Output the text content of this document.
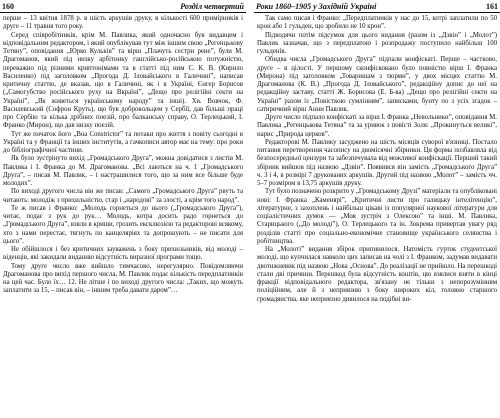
160	Розділ четвертий

перше – 13 квітня 1878 р. в шість аркушів друку, в кількості 600 примірників і друге – 11 травня того року.

Серед співробітників, крім М. Павлика, який одночасно був видавцем і відповідальним редактором, і який опублікував тут між іншим свою „Регенцькову Тетяну”, оповідання „Юрко Кульків” та вірш „Плачуть сестри рене”, були М. Драгоманов, який під низку арбітнику ганглійсько-російською потужністю, переважно під різними криптонімами та в статті під ним С. К. В. (Кирило Василенко) під заголовком „Прогода Д. Іловайського в Галичині”, написав критичну статтю, де вказав, що в Галичині, як і в Україні, Єнгер Борисов („Самогубство російського руху на Вкраїні”, „Дещо про релігійні секти на Україні”, „Як живеться українському народу” та інші). Хв. Вовчок, Ф. Василевський (Софрон Круть), що був добровольцем у Сербії, дав більші праці про Сербію та кілька дрібних поезій, про балканську справу, О. Терлецький, І. Франко (Мирон), що дав низку поезій.

Тут же початок його „Boa Constrictor” та потаки про життя з повіту сьогодні в Україні та у Франції та інших інститутів, а гачкописи автор має на тему: про роки до бібліографічної частини.

Як було зустрінуто вихід „Громадського Друга”, можна довідатися з листів М. Павлика і І. Франка до М. Драгоманова. „Всі лаються на ч. 1 „Громадського Друга”, – писав М. Павлик, – і настрашилися того, що за ним все більше буде молодих”.

По виході другого числа він же писав: „Самого „Громадського Друга” рвуть та читають: молодіж з прихильністю, стар і „народові” за злості, а крім того народ”.

Те ж писав і Франко: „Молодь горнеться до нього („Громадського Друга”), читає, подає з рук до рук… Молодь, котра досить радо горнеться до „Громадського Друга”, взяли в криши, грозить ексклюзією та редакторові всякому, хто з нами перестає, тягнуть по канцеляріях та допрошують – не писати для цього”.

Не обійшлося і без критичних зауважень з боку прихильників, від молоді – віденців, які закидали виданню відсутність виразної програми тощо.

Тому друге число вже вийшло тимчасово, нерегулярно. Повідомляючи Драгоманова про вихід першого числа, М. Павлик подає кількість передплатників на цей час. Було їх… 12. Не літше і по виході другого числа: „Таких, що можуть заплатити за 15, – писав він, – іншим треба давати даром”…

Роки 1860–1905 у Західній Україні	161

Так само писав і Франко: „Передплатників у нас до 15, котрі заплатили по 50 крон або 1 гульден, що зробило не 10 крон”.

Підводячи потім підсумок для цього видання (разом із „Дзвін” і „Молот”) Павлик зазначав, що з передплатою і розпродажу поступило найбільш 100 гульденів.

Обидва числа „Громадського Друга” підпали конфіскаті. Перше – частково, друге – в цілості. У першому сконфісковано було повністю вірш І. Франка (Мирона) під заголовком „Товаришам з тюрми”, у двох місцях статтю М. Драгоманова (К. В.) „Прогода Д. Іловайського”, редакційну допис до неї на редакційну заставу, статті Ж. Борисова (Е. Б-ва) „Дещо про релігійні секти на Україні” разом із „Повісткою сумлінням”, записками, бунту по з усіх згадок – сатиричний вірш Анни Павлик.

Друге число підпало конфіскаті за вірш І. Франка „Невольники”, оповідання М. Павлика „Регенцькова Тетяна” та за уривок з повісті Золя: „Прокинуться великі”, нарис „Природа церков”.

Редакторові М. Павлику засуджено на шість місяців суворої в'язниці. Постало питання перетворення часопису на двомісячні збірники. Ця форма позбавляла від безпосередньої цензури та забезпечувала від можливої конфіскації. Перший такий збірник вийшов під назвою „Дзвін”. Появився він замість „Громадського Друга” ч. 3 і 4, в розмірі 7 друкованих аркушів. Другий під назвою „Молот” – замість чч. 5–7 розміром в 13,75 аркушів друку.

Тут було позначено розкрито у „Громадському Друзі” матеріали та опубліковані нові: І. Франка „Каменярі”, „Критичні листи про галицьку інтелігенцію”, літературне, з захоплень і найбільш цікаві із популярної наукової літератури для соціалістичних думок — „Моя зустріч з Олексою” та інші. М. Павлика, Старицького („До молоді”), О. Терлецького та ін. Зокрема привертав увагу ряд розділів статті про соціально-економічне становище українського селянства і робітництва.

На „Молоті” видання збірок припинилося. Натомість гурток студентської молоді, що купчилася навколо цих записав на чолі з І. Франком, задумав видавати двотижневик під назвою „Нова „Основа”. До реалізації не прийшло. На перешкоді стали дві причини. Перешкод була відсутність коштів, цю взялися взяти в кінці фракції відповідального редактора, зв'язану не тільки з непорозумінням поліційним, але й з неприязню з боку широких кіл, головно старшого громадянства, яке неприязно дивилося на подібні ви-
